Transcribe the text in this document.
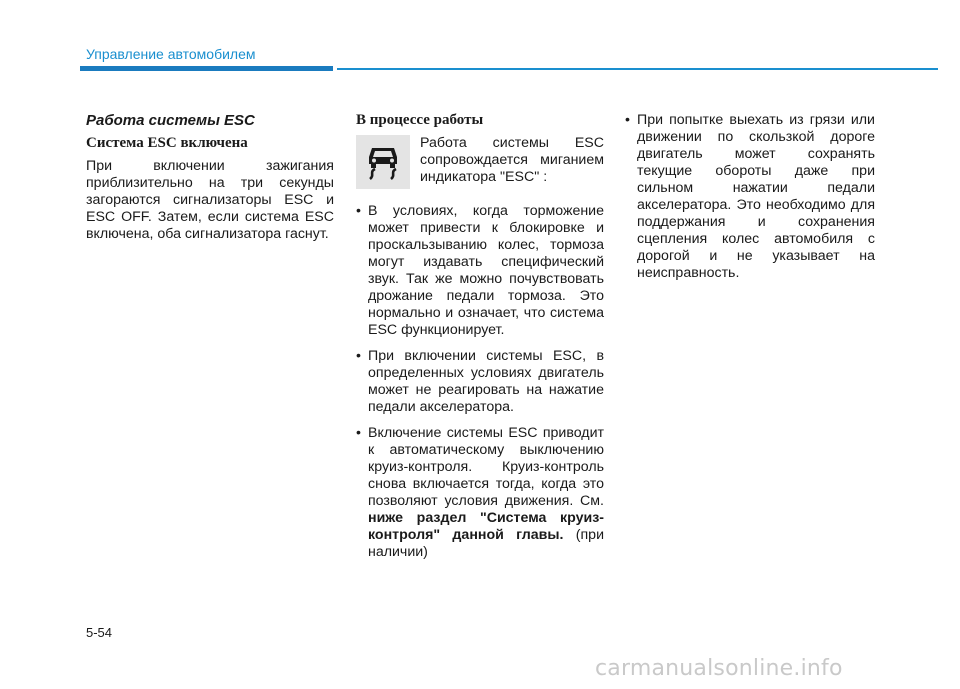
Управление автомобилем
Работа системы ESC
Система ESC включена

При включении зажигания приблизительно на три секунды загораются сигнализаторы ESC и ESC OFF. Затем, если система ESC включена, оба сигнализатора гаснут.

В процессе работы
Работа системы ESC сопровождается миганием индикатора "ESC" :
• В условиях, когда торможение может привести к блокировке и проскальзыванию колес, тормоза могут издавать специфический звук. Так же можно почувствовать дрожание педали тормоза. Это нормально и означает, что система ESC функционирует.
• При включении системы ESC, в определенных условиях двигатель может не реагировать на нажатие педали акселератора.
• Включение системы ESC приводит к автоматическому выключению круиз-контроля. Круиз-контроль снова включается тогда, когда это позволяют условия движения. См. ниже раздел "Система круиз-контроля" данной главы. (при наличии)
• При попытке выехать из грязи или движении по скользкой дороге двигатель может сохранять текущие обороты даже при сильном нажатии педали акселератора. Это необходимо для поддержания и сохранения сцепления колес автомобиля с дорогой и не указывает на неисправность.
5-54
carmanualsonline.info
